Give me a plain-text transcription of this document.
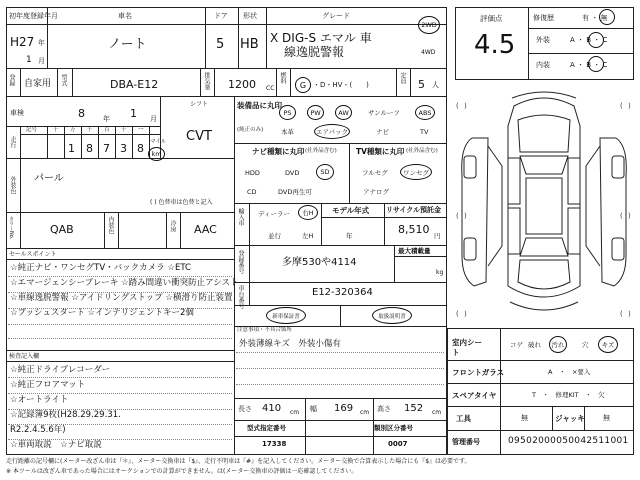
初年度登録年月
H27 年
1 月
車名
ノート
ドア
5
形状
HB
グレード
X DIG-S エマル 車
線逸脱警報
2WD
4WD
登録 自家用 型式	DBA-E12	排気量 1200 CC
燃料
G ・D・HV・(　　)
定員 5 人
車検	8	年 1 月
シフト
CVT
走行
記号	十 万 千 百 十 一
1 8 7 3 8 マイル
km
外装色 パール
( ) 色替車は色替と記入
カラーNo.	QAB	内装色	冷房 AAC
セールスポイント
☆純正ナビ・ワンセグTV・バックカメラ ☆ETC
☆エマージェンシーブレーキ ☆踏み間違い衝突防止アシスト
☆車線逸脱警報 ☆アイドリングストップ ☆横滑り防止装置
☆プッシュスタート ☆インテリジェントキー2個
検査記入欄
☆純正ドライブレコーダー
☆純正フロアマット
☆オートライト
☆記録簿9枚(H28.29.29.31.
R2.2.4.5.6年)
☆車両取説　☆ナビ取説
装備品に丸印
(純正のみ)
PS	PW	AW	サンルーフ	ABS
本革	エアバック	ナビ	TV
ナビ種類に丸印 (社外品含む)
HDD	DVD	SD
CD	DVD再生可
TV種類に丸印 (社外品含む)
フルセグ ワンセグ
アナログ
輸入車 ディーラー 右H
並行	左H
モデル年式
年
リサイクル預託金
8,510 円
登録番号	多摩530や4114
最大積載量
kg
車台番号	E12-320364
新車保証書	取扱説明書
注意事項・不具合箇所
外装薄線キズ　外装小傷有
長さ 410 cm 幅 169 cm 高さ 152 cm
型式指定番号
17338
類別区分番号
0007
評価点
4.5
修復歴	有 ・ 無
外装	A ・ B ・ C
内装	A ・ B ・ C
( )	( )
( )	( )
( )	( )
室内シート
コゲ 破れ 汚れ	穴 キズ
フロントガラス	A　・　×要入
スペアタイヤ	T　・　修理KIT　・　欠
工具	無	ジャッキ	無
管理番号	09502000050042511001
走行距離の記号欄に(メーター改ざん車は『＊』、メーター交換車は『$』、走行不明車は『#』を記入してください。メーター交換で合算表示した場合にも『$』は必要です。
※ 本ツールは改ざん車であった場合にはオークションでの計算ができません。は(メーター交換車の評価は一応確認してください。
